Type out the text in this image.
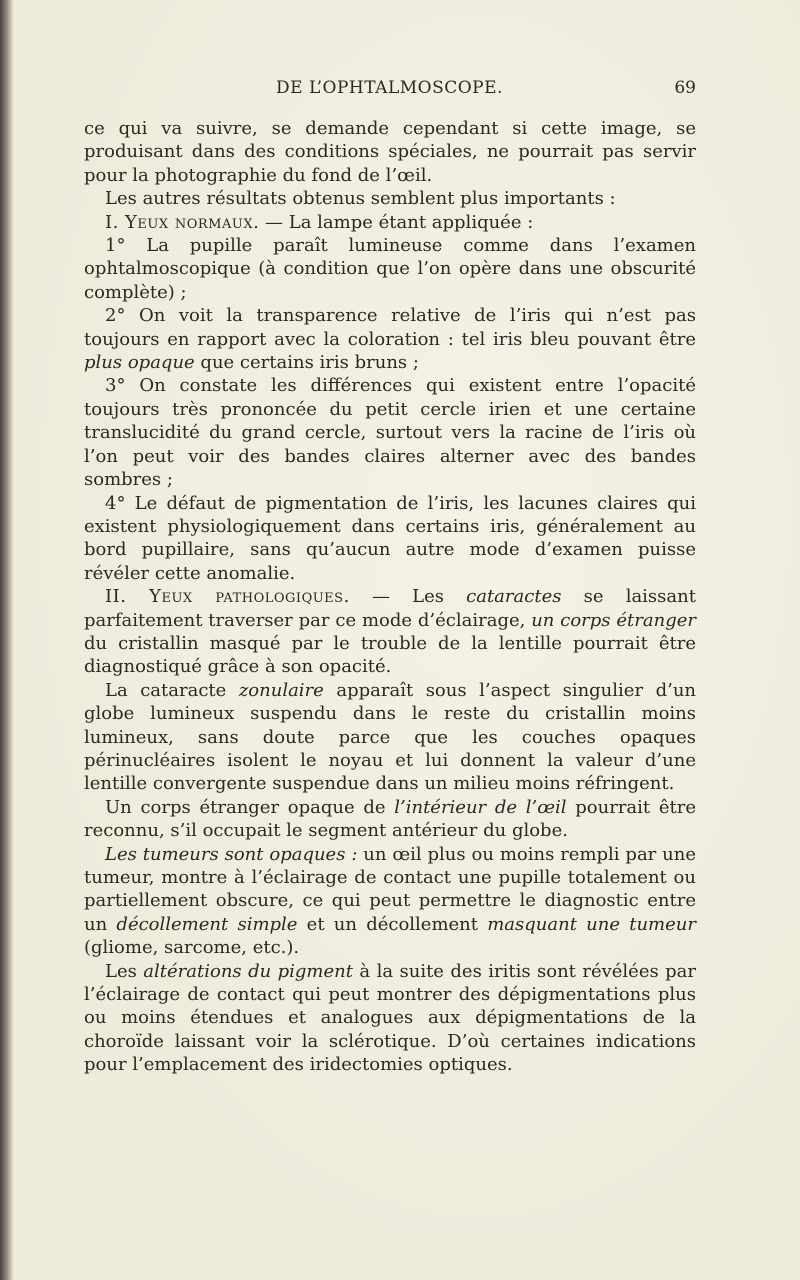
DE L’OPHTALMOSCOPE.	69

ce qui va suivre, se demande cependant si cette image, se produisant dans des conditions spéciales, ne pourrait pas servir pour la photographie du fond de l’œil.

Les autres résultats obtenus semblent plus importants :

I. Yeux normaux. — La lampe étant appliquée :

1° La pupille paraît lumineuse comme dans l’examen ophtalmoscopique (à condition que l’on opère dans une obscurité complète) ;

2° On voit la transparence relative de l’iris qui n’est pas toujours en rapport avec la coloration : tel iris bleu pouvant être plus opaque que certains iris bruns ;

3° On constate les différences qui existent entre l’opacité toujours très prononcée du petit cercle irien et une certaine translucidité du grand cercle, surtout vers la racine de l’iris où l’on peut voir des bandes claires alterner avec des bandes sombres ;

4° Le défaut de pigmentation de l’iris, les lacunes claires qui existent physiologiquement dans certains iris, généralement au bord pupillaire, sans qu’aucun autre mode d’examen puisse révéler cette anomalie.

II. Yeux pathologiques. — Les cataractes se laissant parfaitement traverser par ce mode d’éclairage, un corps étranger du cristallin masqué par le trouble de la lentille pourrait être diagnostiqué grâce à son opacité.

La cataracte zonulaire apparaît sous l’aspect singulier d’un globe lumineux suspendu dans le reste du cristallin moins lumineux, sans doute parce que les couches opaques périnucléaires isolent le noyau et lui donnent la valeur d’une lentille convergente suspendue dans un milieu moins réfringent.

Un corps étranger opaque de l’intérieur de l’œil pourrait être reconnu, s’il occupait le segment antérieur du globe.

Les tumeurs sont opaques : un œil plus ou moins rempli par une tumeur, montre à l’éclairage de contact une pupille totalement ou partiellement obscure, ce qui peut permettre le diagnostic entre un décollement simple et un décollement masquant une tumeur (gliome, sarcome, etc.).

Les altérations du pigment à la suite des iritis sont révélées par l’éclairage de contact qui peut montrer des dépigmentations plus ou moins étendues et analogues aux dépigmentations de la choroïde laissant voir la sclérotique. D’où certaines indications pour l’emplacement des iridectomies optiques.
